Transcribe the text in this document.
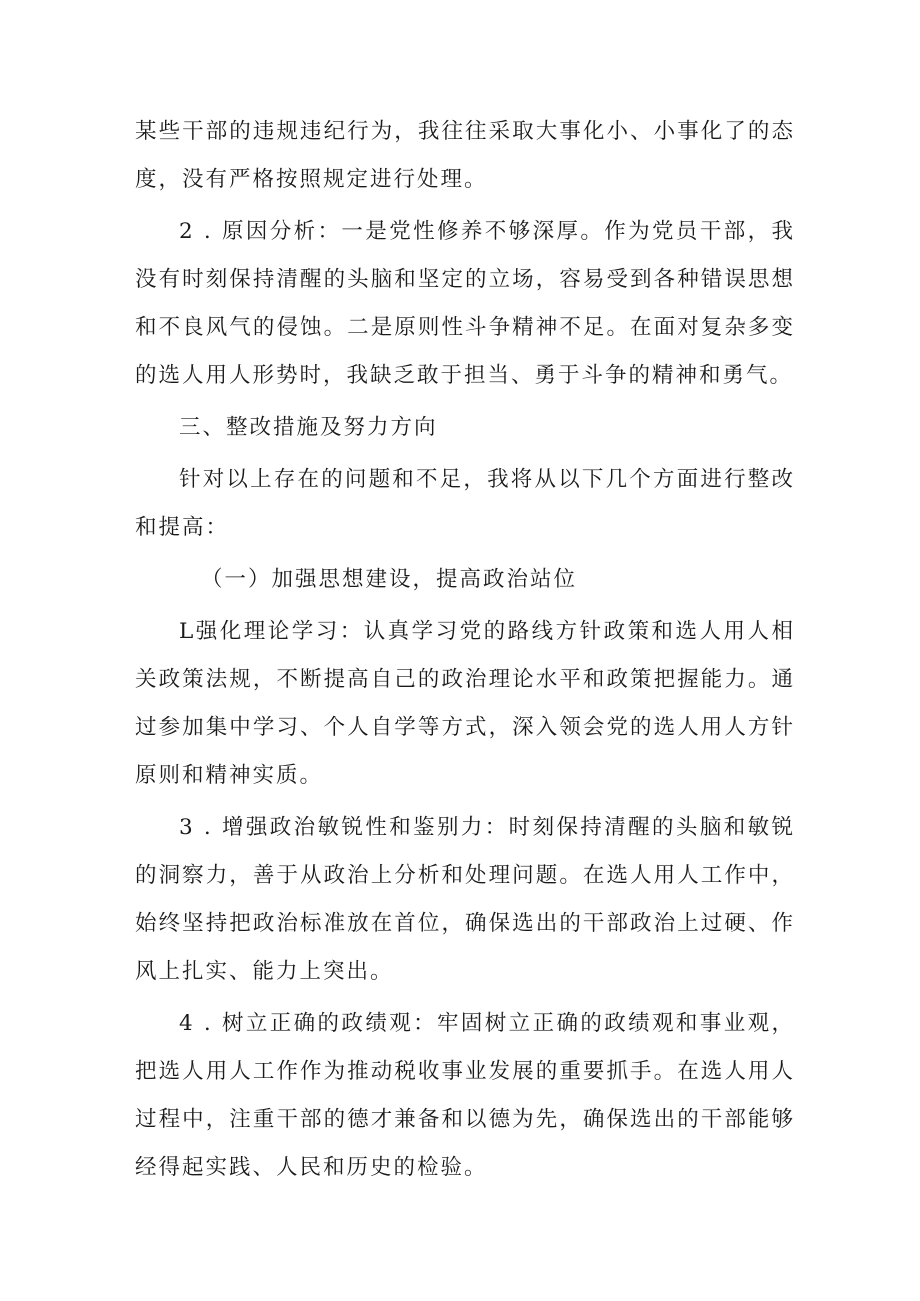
某些干部的违规违纪行为，我往往采取大事化小、小事化了的态度，没有严格按照规定进行处理。

2 . 原因分析：一是党性修养不够深厚。作为党员干部，我没有时刻保持清醒的头脑和坚定的立场，容易受到各种错误思想和不良风气的侵蚀。二是原则性斗争精神不足。在面对复杂多变的选人用人形势时，我缺乏敢于担当、勇于斗争的精神和勇气。

三、整改措施及努力方向

针对以上存在的问题和不足，我将从以下几个方面进行整改和提高：

（一）加强思想建设，提高政治站位

L强化理论学习：认真学习党的路线方针政策和选人用人相关政策法规，不断提高自己的政治理论水平和政策把握能力。通过参加集中学习、个人自学等方式，深入领会党的选人用人方针原则和精神实质。

3 . 增强政治敏锐性和鉴别力：时刻保持清醒的头脑和敏锐的洞察力，善于从政治上分析和处理问题。在选人用人工作中，始终坚持把政治标准放在首位，确保选出的干部政治上过硬、作风上扎实、能力上突出。

4 . 树立正确的政绩观：牢固树立正确的政绩观和事业观，把选人用人工作作为推动税收事业发展的重要抓手。在选人用人过程中，注重干部的德才兼备和以德为先，确保选出的干部能够经得起实践、人民和历史的检验。
